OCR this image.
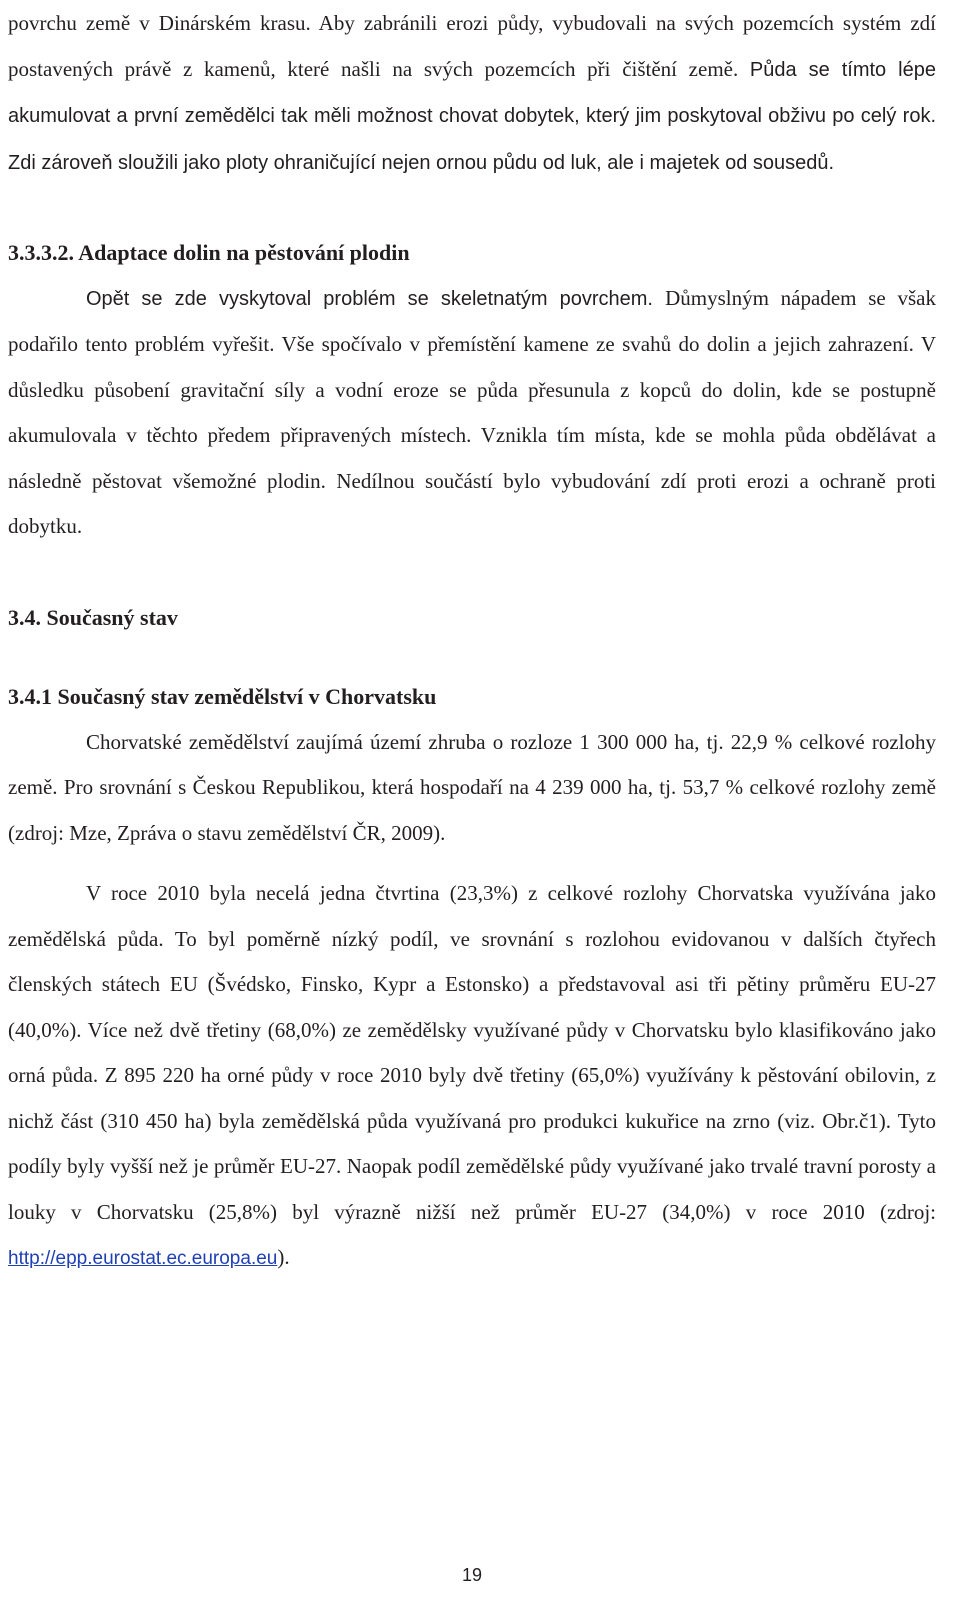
povrchu země v Dinárském krasu. Aby zabránili erozi půdy, vybudovali na svých pozemcích systém zdí postavených právě z kamenů, které našli na svých pozemcích při čištění země. Půda se tímto lépe akumulovat a první zemědělci tak měli možnost chovat dobytek, který jim poskytoval obživu po celý rok. Zdi zároveň sloužili jako ploty ohraničující nejen ornou půdu od luk, ale i majetek od sousedů.

3.3.3.2. Adaptace dolin na pěstování plodin

Opět se zde vyskytoval problém se skeletnatým povrchem. Důmyslným nápadem se však podařilo tento problém vyřešit. Vše spočívalo v přemístění kamene ze svahů do dolin a jejich zahrazení. V důsledku působení gravitační síly a vodní eroze se půda přesunula z kopců do dolin, kde se postupně akumulovala v těchto předem připravených místech. Vznikla tím místa, kde se mohla půda obdělávat a následně pěstovat všemožné plodin. Nedílnou součástí bylo vybudování zdí proti erozi a ochraně proti dobytku.

3.4. Současný stav
3.4.1 Současný stav zemědělství v Chorvatsku

Chorvatské zemědělství zaujímá území zhruba o rozloze 1 300 000 ha, tj. 22,9 % celkové rozlohy země. Pro srovnání s Českou Republikou, která hospodaří na 4 239 000 ha, tj. 53,7 % celkové rozlohy země (zdroj: Mze, Zpráva o stavu zemědělství ČR, 2009).

V roce 2010 byla necelá jedna čtvrtina (23,3%) z celkové rozlohy Chorvatska využívána jako zemědělská půda. To byl poměrně nízký podíl, ve srovnání s rozlohou evidovanou v dalších čtyřech členských státech EU (Švédsko, Finsko, Kypr a Estonsko) a představoval asi tři pětiny průměru EU-27 (40,0%). Více než dvě třetiny (68,0%) ze zemědělsky využívané půdy v Chorvatsku bylo klasifikováno jako orná půda. Z 895 220 ha orné půdy v roce 2010 byly dvě třetiny (65,0%) využívány k pěstování obilovin, z nichž část (310 450 ha) byla zemědělská půda využívaná pro produkci kukuřice na zrno (viz. Obr.č1). Tyto podíly byly vyšší než je průměr EU-27. Naopak podíl zemědělské půdy využívané jako trvalé travní porosty a louky v Chorvatsku (25,8%) byl výrazně nižší než průměr EU-27 (34,0%) v roce 2010 (zdroj: http://epp.eurostat.ec.europa.eu).

19
